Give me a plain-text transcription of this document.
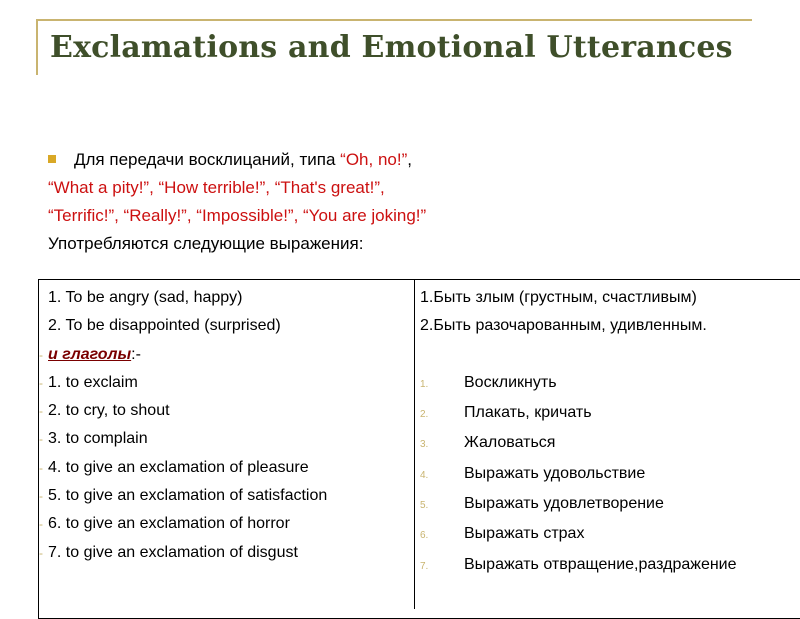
Exclamations and Emotional Utterances
Для передачи восклицаний, типа “Oh, no!”,
“What a pity!”, “How terrible!”, “That's great!”,
“Terrific!”, “Really!”, “Impossible!”, “You are joking!”
Употребляются следующие выражения:
1. To be angry (sad, happy)
2. To be disappointed (surprised)
- и глаголы:-
- 1. to exclaim
- 2. to cry, to shout
- 3. to complain
- 4. to give an exclamation of pleasure
- 5. to give an exclamation of satisfaction
- 6. to give an exclamation of horror
- 7. to give an exclamation of disgust
1.Быть злым (грустным, счастливым)
2.Быть разочарованным, удивленным.

1. Воскликнуть
2. Плакать, кричать
3. Жаловаться
4. Выражать удовольствие
5. Выражать удовлетворение
6. Выражать страх
7. Выражать отвращение,раздражение
